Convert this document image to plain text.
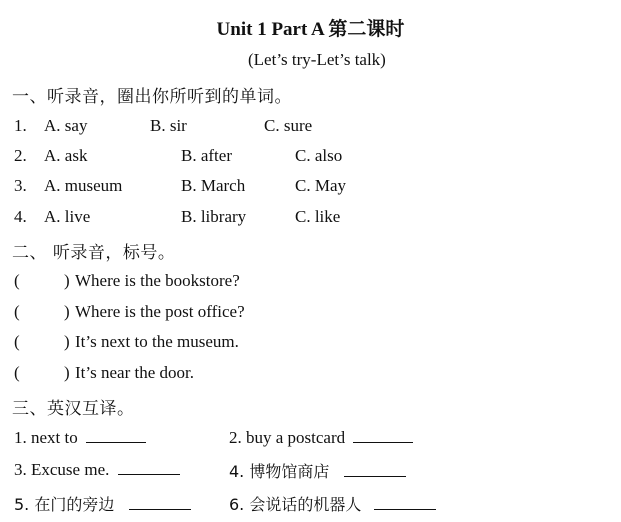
Unit 1 Part A 第二课时
(Let’s try-Let’s talk)
一、听录音，圈出你所听到的单词。
1. A. say	B. sir	C. sure
2. A. ask	B. after	C. also
3. A. museum	B. March	C. May
4. A. live	B. library	C. like
二、 听录音，标号。
(	) Where is the bookstore?
(	) Where is the post office?
(	) It’s next to the museum.
(	) It’s near the door.
三、英汉互译。
1. next to	2. buy a postcard
3. Excuse me.	4. 博物馆商店
5. 在门的旁边	6. 会说话的机器人
